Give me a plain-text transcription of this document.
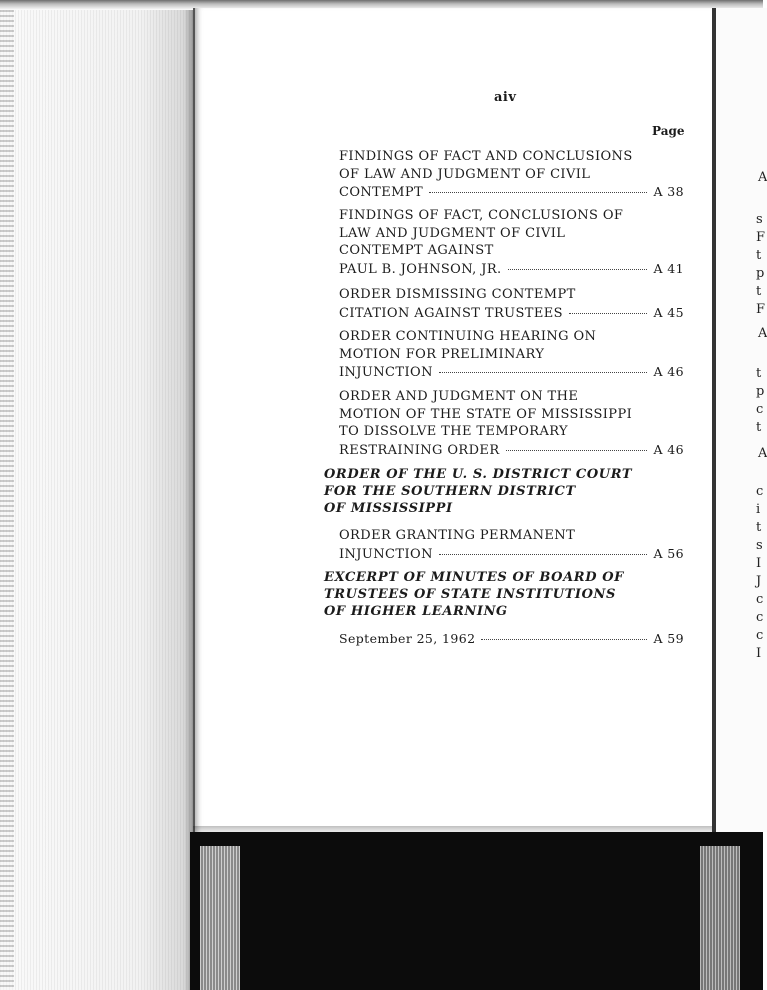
A
s
F
t
p
t
F
A
t
p
c
t
A
c
i
t
s
I
J
c
c
c
I
aiv
Page
FINDINGS OF FACT AND CONCLUSIONS
OF LAW AND JUDGMENT OF CIVIL
CONTEMPT	A 38
FINDINGS OF FACT, CONCLUSIONS OF
LAW AND JUDGMENT OF CIVIL
CONTEMPT AGAINST
PAUL B. JOHNSON, JR.	A 41
ORDER DISMISSING CONTEMPT
CITATION AGAINST TRUSTEES	A 45
ORDER CONTINUING HEARING ON
MOTION FOR PRELIMINARY
INJUNCTION	A 46
ORDER AND JUDGMENT ON THE
MOTION OF THE STATE OF MISSISSIPPI
TO DISSOLVE THE TEMPORARY
RESTRAINING ORDER	A 46
ORDER OF THE U. S. DISTRICT COURT
FOR THE SOUTHERN DISTRICT
OF MISSISSIPPI
ORDER GRANTING PERMANENT
INJUNCTION	A 56
EXCERPT OF MINUTES OF BOARD OF
TRUSTEES OF STATE INSTITUTIONS
OF HIGHER LEARNING
September 25, 1962	A 59
